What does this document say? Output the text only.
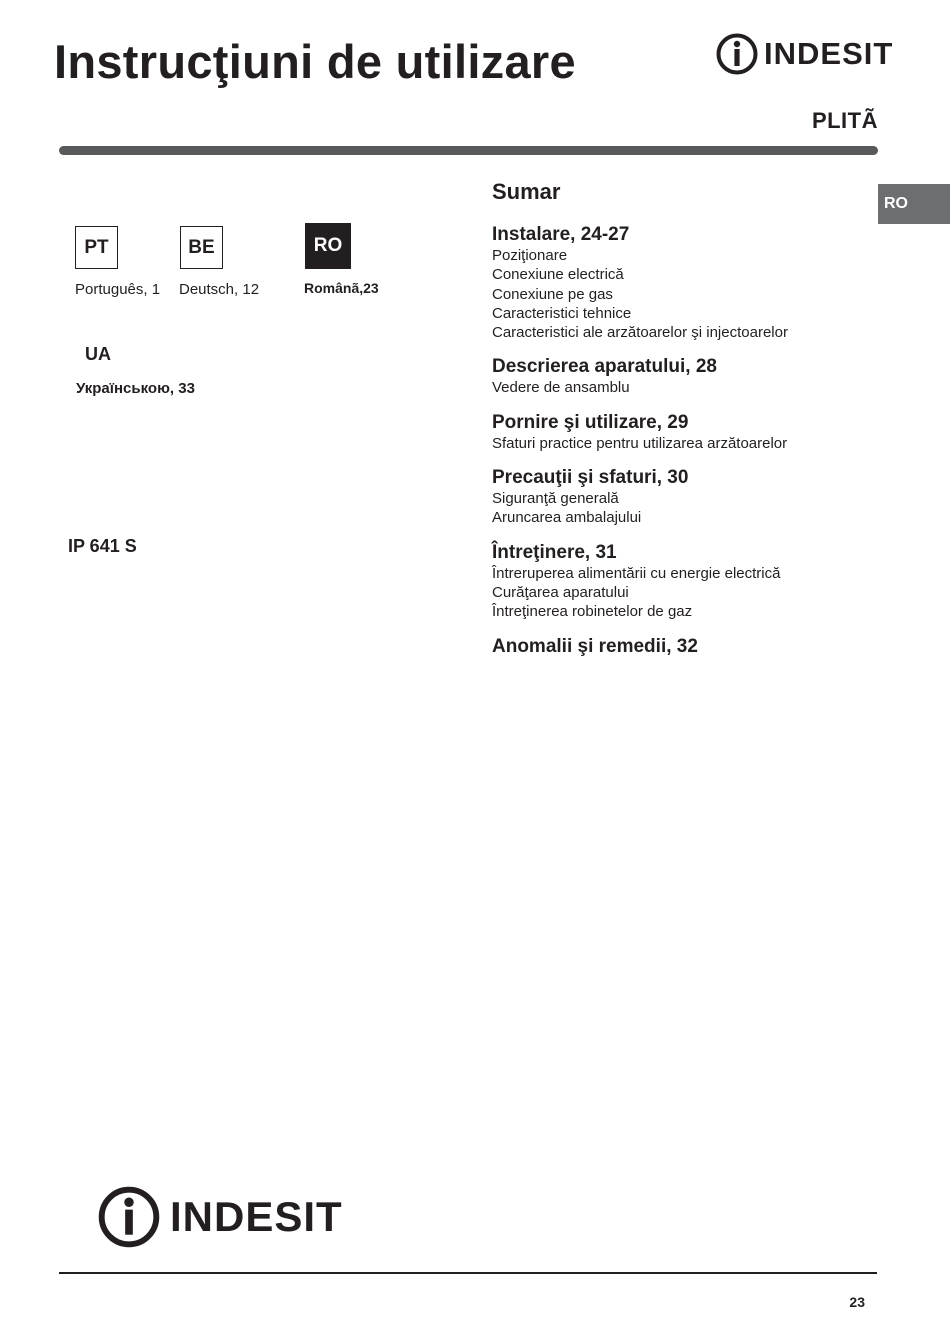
Instrucţiuni de utilizare	INDESIT
PLITÃ
RO
PT
Português, 1
BE
Deutsch, 12
RO
Românã,23
UA
Українською, 33
IP 641 S
Sumar
Instalare, 24-27
Poziţionare
Conexiune electrică
Conexiune pe gas
Caracteristici tehnice
Caracteristici ale arzătoarelor şi injectoarelor
Descrierea aparatului, 28
Vedere de ansamblu
Pornire şi utilizare, 29
Sfaturi practice pentru utilizarea arzătoarelor
Precauţii şi sfaturi, 30
Siguranţă generală
Aruncarea ambalajului
Întreţinere, 31
Întreruperea alimentării cu energie electrică
Curăţarea aparatului
Întreţinerea robinetelor de gaz
Anomalii şi remedii, 32
INDESIT
23
